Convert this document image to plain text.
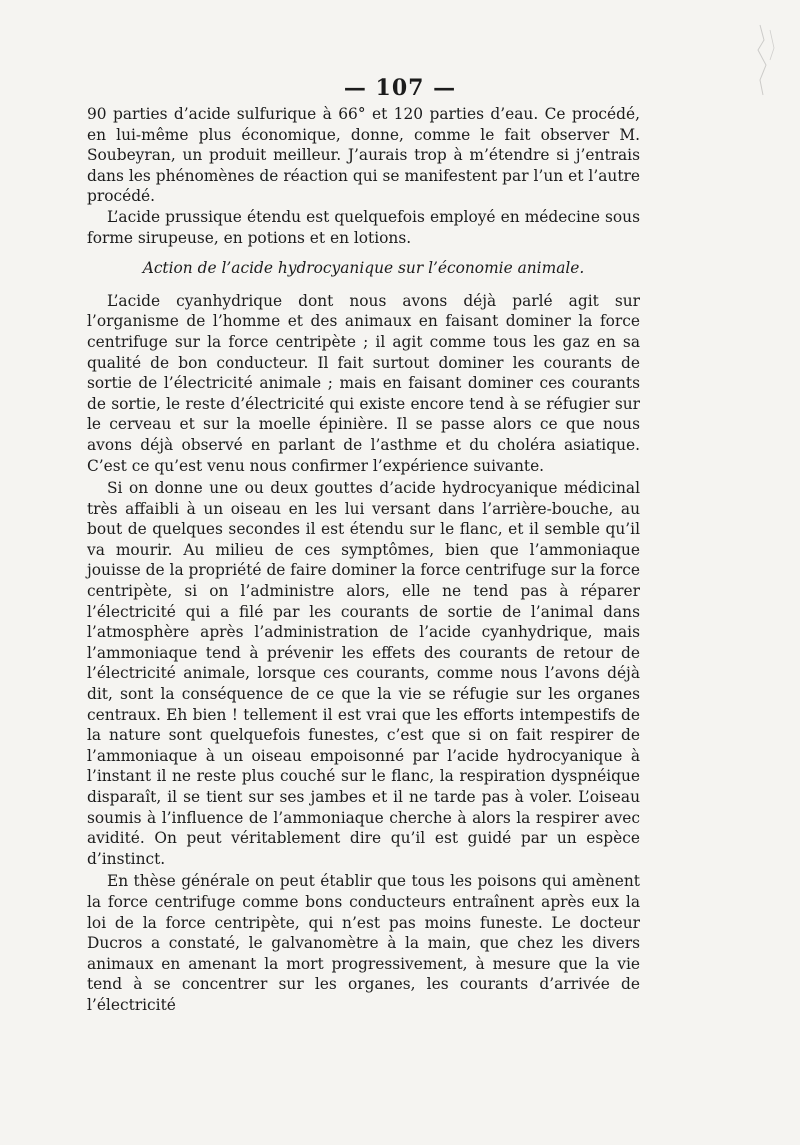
— 107 —

90 parties d’acide sulfurique à 66° et 120 parties d’eau. Ce procédé, en lui-même plus économique, donne, comme le fait observer M. Soubeyran, un produit meilleur. J’aurais trop à m’étendre si j’entrais dans les phénomènes de réaction qui se manifestent par l’un et l’autre procédé.

L’acide prussique étendu est quelquefois employé en médecine sous forme sirupeuse, en potions et en lotions.

Action de l’acide hydrocyanique sur l’économie animale.

L’acide cyanhydrique dont nous avons déjà parlé agit sur l’organisme de l’homme et des animaux en faisant dominer la force centrifuge sur la force centripète ; il agit comme tous les gaz en sa qualité de bon conducteur. Il fait surtout dominer les courants de sortie de l’électricité animale ; mais en faisant dominer ces courants de sortie, le reste d’électricité qui existe encore tend à se réfugier sur le cerveau et sur la moelle épinière. Il se passe alors ce que nous avons déjà observé en parlant de l’asthme et du choléra asiatique. C’est ce qu’est venu nous confirmer l’expérience suivante.

Si on donne une ou deux gouttes d’acide hydrocyanique médicinal très affaibli à un oiseau en les lui versant dans l’arrière-bouche, au bout de quelques secondes il est étendu sur le flanc, et il semble qu’il va mourir. Au milieu de ces symptômes, bien que l’ammoniaque jouisse de la propriété de faire dominer la force centrifuge sur la force centripète, si on l’administre alors, elle ne tend pas à réparer l’électricité qui a filé par les courants de sortie de l’animal dans l’atmosphère après l’administration de l’acide cyanhydrique, mais l’ammoniaque tend à prévenir les effets des courants de retour de l’électricité animale, lorsque ces courants, comme nous l’avons déjà dit, sont la conséquence de ce que la vie se réfugie sur les organes centraux. Eh bien ! tellement il est vrai que les efforts intempestifs de la nature sont quelquefois funestes, c’est que si on fait respirer de l’ammoniaque à un oiseau empoisonné par l’acide hydrocyanique à l’instant il ne reste plus couché sur le flanc, la respiration dyspnéique disparaît, il se tient sur ses jambes et il ne tarde pas à voler. L’oiseau soumis à l’influence de l’ammoniaque cherche à alors la respirer avec avidité. On peut véritablement dire qu’il est guidé par un espèce d’instinct.

En thèse générale on peut établir que tous les poisons qui amènent la force centrifuge comme bons conducteurs entraînent après eux la loi de la force centripète, qui n’est pas moins funeste. Le docteur Ducros a constaté, le galvanomètre à la main, que chez les divers animaux en amenant la mort progressivement, à mesure que la vie tend à se concentrer sur les organes, les courants d’arrivée de l’électricité
